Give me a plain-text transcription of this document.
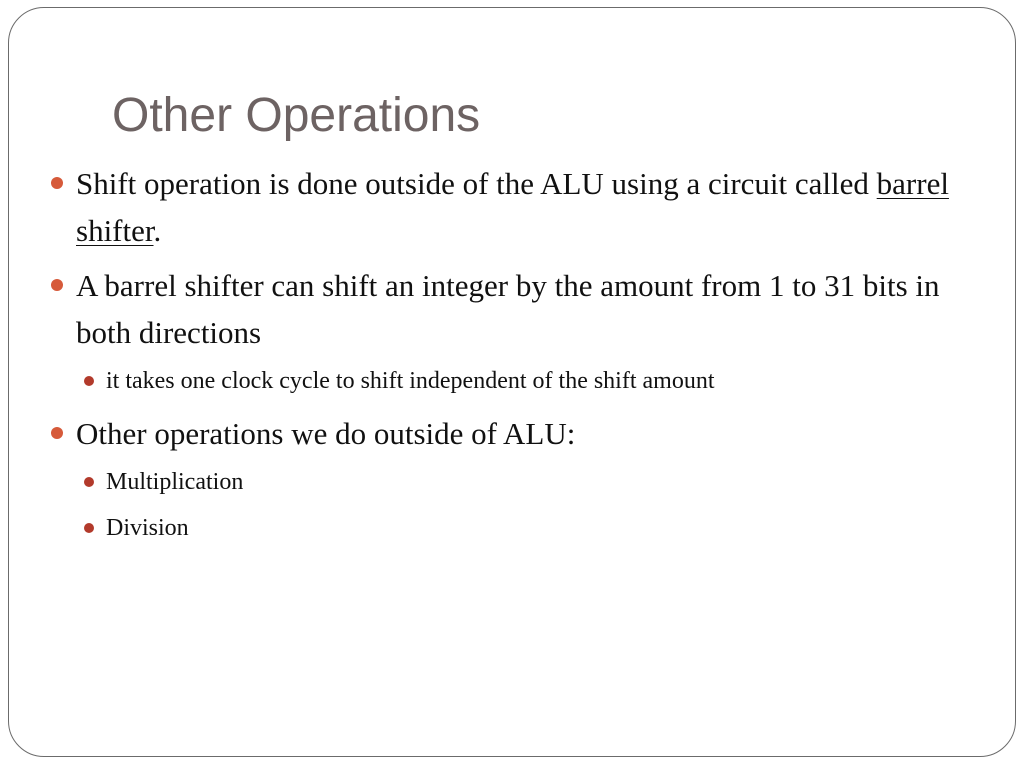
Other Operations
Shift operation is done outside of the ALU using a circuit called barrel shifter.
A barrel shifter can shift an integer by the amount from 1 to 31 bits in both directions
it takes one clock cycle to shift independent of the shift amount
Other operations we do outside of ALU:
Multiplication
Division
